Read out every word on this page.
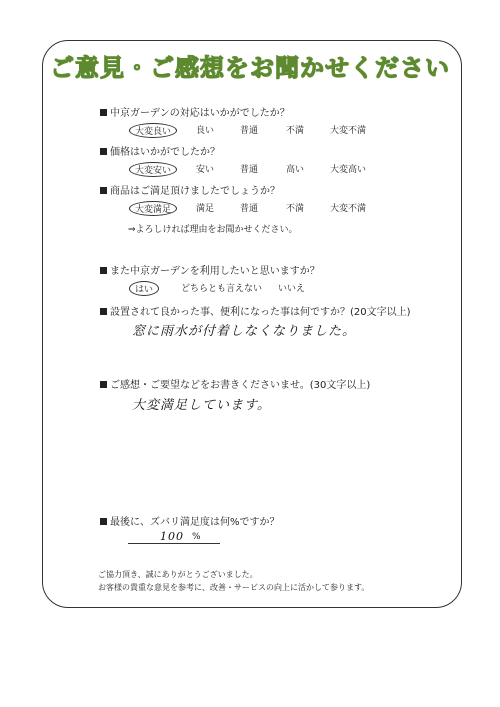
ご意見・ご感想をお聞かせください
中京ガーデンの対応はいかがでしたか？
大変良い	良い	普通	不満	大変不満
価格はいかがでしたか？
大変安い	安い	普通	高い	大変高い
商品はご満足頂けましたでしょうか？
大変満足	満足	普通	不満	大変不満
⇒よろしければ理由をお聞かせください。
また中京ガーデンを利用したいと思いますか？
はい	どちらとも言えない いいえ
設置されて良かった事、便利になった事は何ですか？(20文字以上)
窓に雨水が付着しなくなりました。
ご感想・ご要望などをお書きくださいませ。(30文字以上)
大変満足しています。
最後に、ズバリ満足度は何%ですか？
100 %
ご協力頂き、誠にありがとうございました。
お客様の貴重な意見を参考に、改善・サービスの向上に活かして参ります。
